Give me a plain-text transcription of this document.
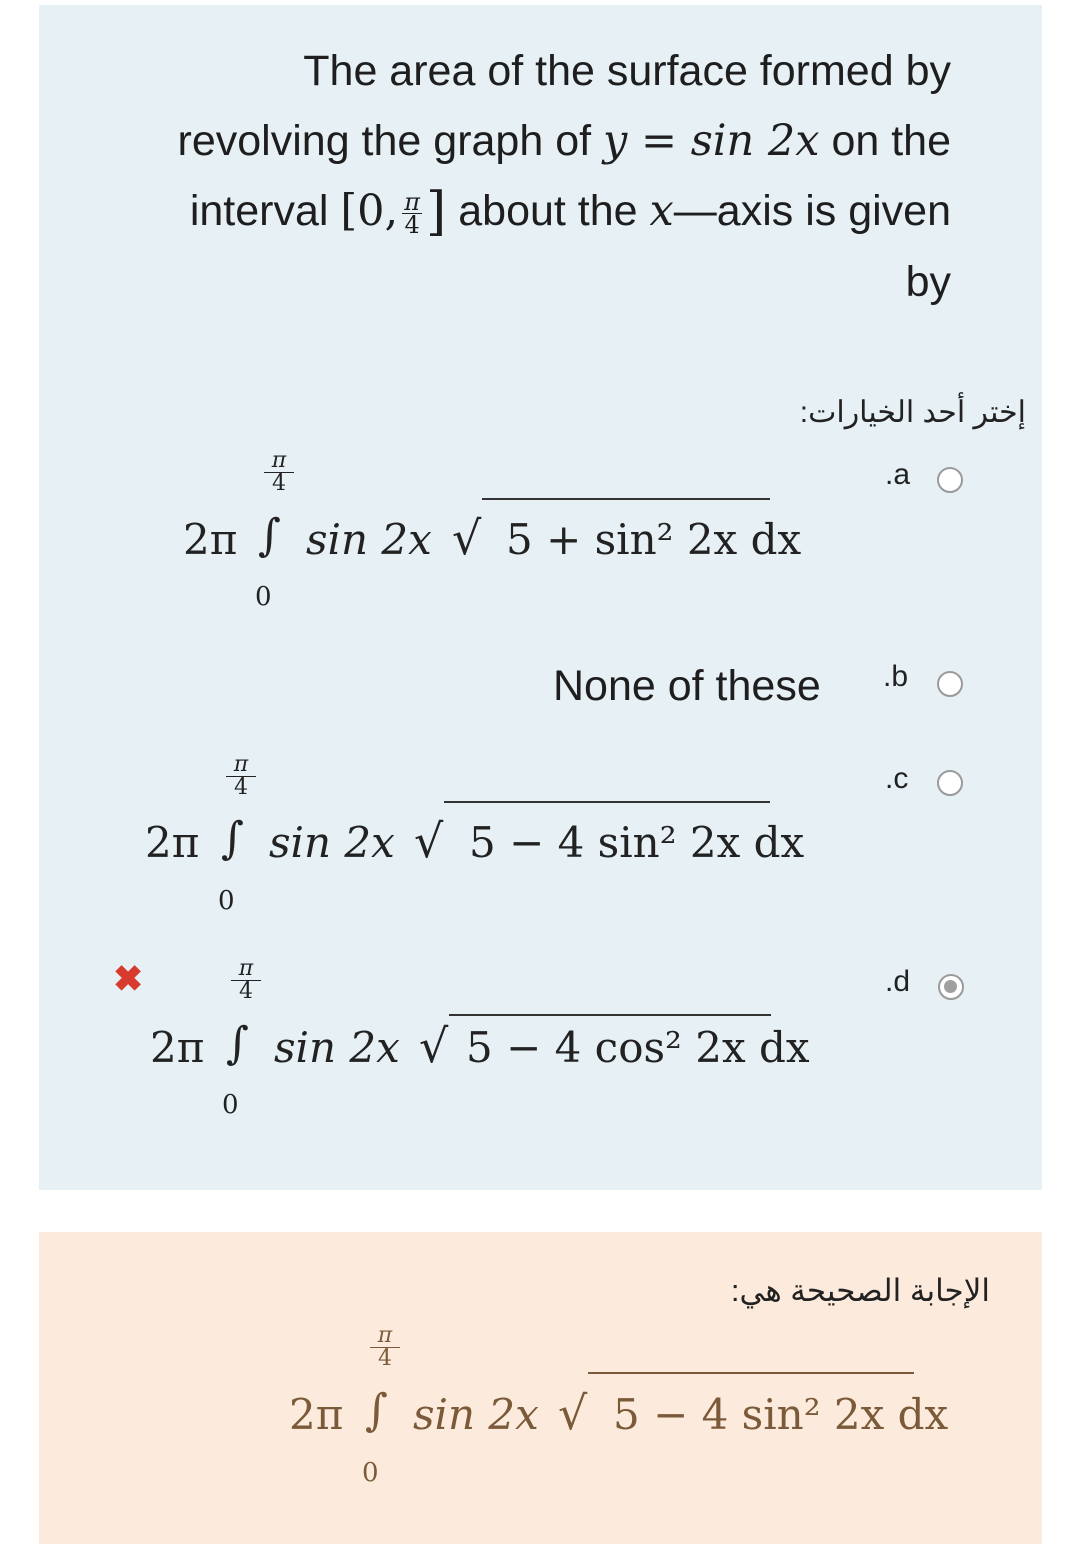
The area of the surface formed by
revolving the graph of y = sin 2x on the
interval [0, $\frac{\pi}{4}$ ] about the x—axis is given
by
إختر أحد الخيارات:
.a
2π
π
4
∫
0
sin 2x √ 5 + sin² 2x dx
.b
None of these
.c
2π
π
4
∫
0
sin 2x √ 5 − 4 sin² 2x dx
✖	.d
2π
π
4
∫
0
sin 2x √ 5 − 4 cos² 2x dx
الإجابة الصحيحة هي:
2π
π
4
∫
0
sin 2x √ 5 − 4 sin² 2x dx
